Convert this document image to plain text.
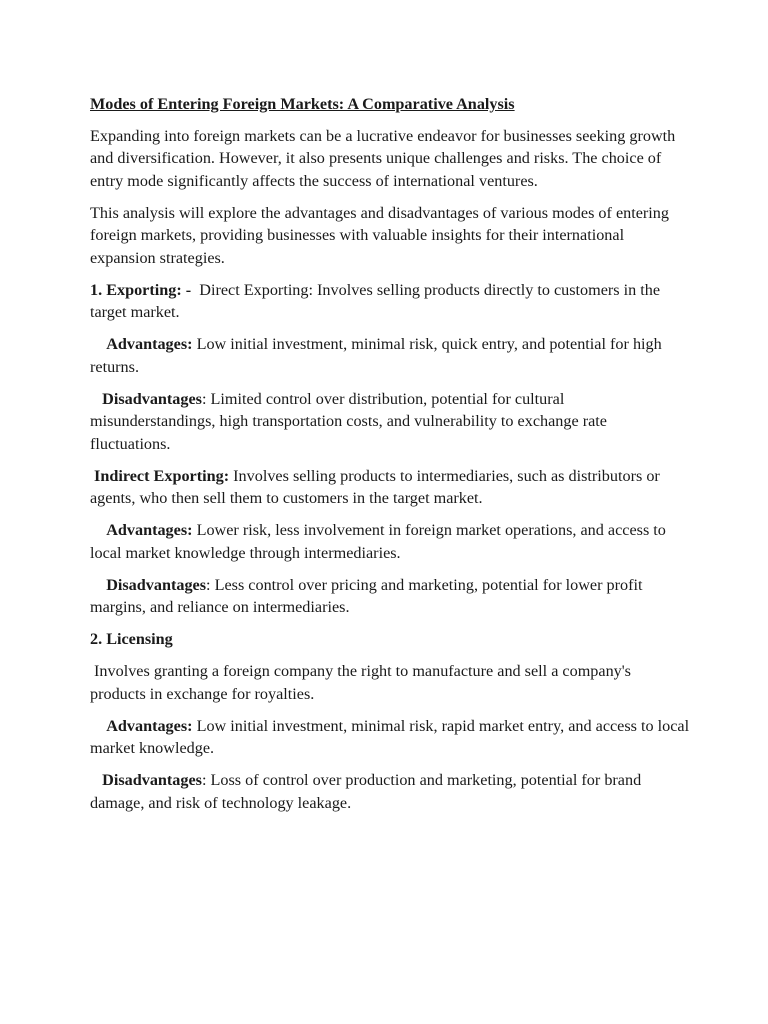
Modes of Entering Foreign Markets: A Comparative Analysis

Expanding into foreign markets can be a lucrative endeavor for businesses seeking growth and diversification. However, it also presents unique challenges and risks. The choice of entry mode significantly affects the success of international ventures.

This analysis will explore the advantages and disadvantages of various modes of entering foreign markets, providing businesses with valuable insights for their international expansion strategies.

1. Exporting: - Direct Exporting: Involves selling products directly to customers in the target market.

Advantages: Low initial investment, minimal risk, quick entry, and potential for high returns.

Disadvantages: Limited control over distribution, potential for cultural misunderstandings, high transportation costs, and vulnerability to exchange rate fluctuations.

Indirect Exporting: Involves selling products to intermediaries, such as distributors or agents, who then sell them to customers in the target market.

Advantages: Lower risk, less involvement in foreign market operations, and access to local market knowledge through intermediaries.

Disadvantages: Less control over pricing and marketing, potential for lower profit margins, and reliance on intermediaries.

2. Licensing

Involves granting a foreign company the right to manufacture and sell a company's products in exchange for royalties.

Advantages: Low initial investment, minimal risk, rapid market entry, and access to local market knowledge.

Disadvantages: Loss of control over production and marketing, potential for brand damage, and risk of technology leakage.
